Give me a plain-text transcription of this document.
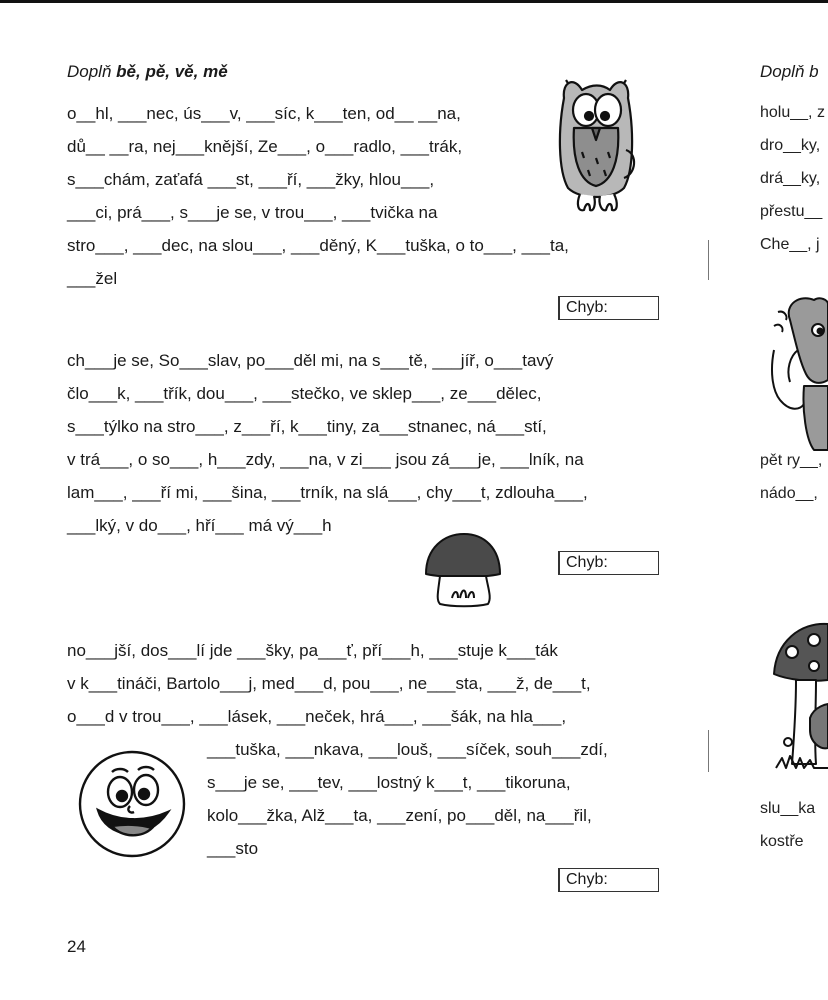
Doplň bě, pě, vě, mě
o__hl, ___nec, ús___v, ___síc, k___ten, od__ __na,
dů__ __ra, nej___knější, Ze___, o___radlo, ___trák,
s___chám, zaťafá ___st, ___ří, ___žky, hlou___,
___ci, prá___, s___je se, v trou___, ___tvička na
stro___, ___dec, na slou___, ___děný, K___tuška, o to___, ___ta,
___žel
Chyb:
ch___je se, So___slav, po___děl mi, na s___tě, ___jíř, o___tavý
člo___k, ___třík, dou___, ___stečko, ve sklep___, ze___dělec,
s___týlko na stro___, z___ří, k___tiny, za___stnanec, ná___stí,
v trá___, o so___, h___zdy, ___na, v zi___ jsou zá___je, ___lník, na
lam___, ___ří mi, ___šina, ___trník, na slá___, chy___t, zdlouha___,
___lký, v do___, hří___ má vý___h
Chyb:
no___jší, dos___lí jde ___šky, pa___ť, pří___h, ___stuje k___ták
v k___tináči, Bartolo___j, med___d, pou___, ne___sta, ___ž, de___t,
o___d v trou___, ___lásek, ___neček, hrá___, ___šák, na hla___,
___tuška, ___nkava, ___louš, ___síček, souh___zdí,
s___je se, ___tev, ___lostný k___t, ___tikoruna,
kolo___žka, Alž___ta, ___zení, po___děl, na___řil,
___sto
Chyb:
24
Doplň b
holu__, z
dro__ky,
drá__ky,
přestu__
Che__, j
pět ry__,
nádo__,
slu__ka
kostře
